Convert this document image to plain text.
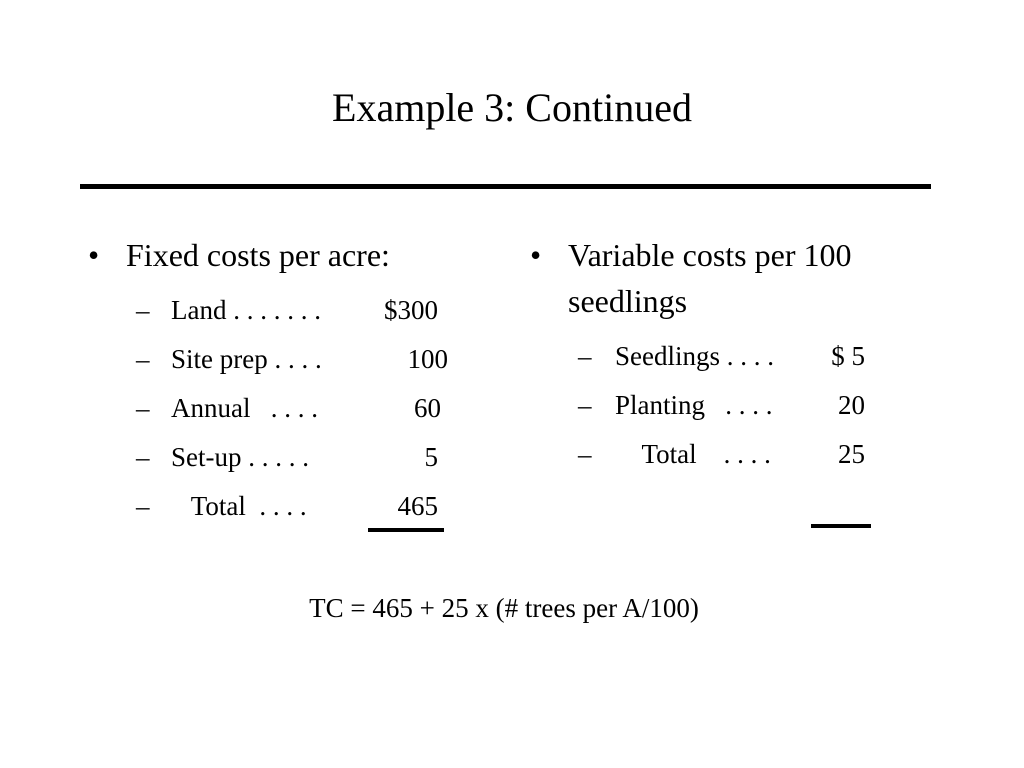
Example 3: Continued
• Fixed costs per acre:
– Land . . . . . . .	$300
– Site prep . . . .	100
– Annual   . . . .	60
– Set-up . . . . .	5
– Total  . . . .	465
• Variable costs per 100 seedlings
– Seedlings . . . .	$ 5
– Planting   . . . .	20
– Total    . . . .	25
TC = 465 + 25 x (# trees per A/100)
